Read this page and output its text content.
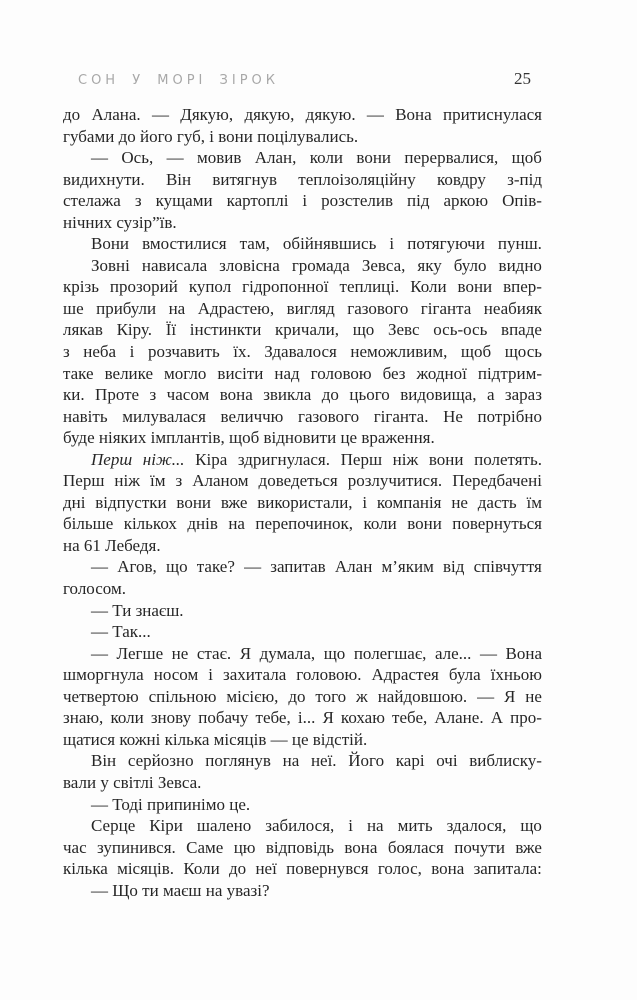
СОН У МОРІ ЗІРОК	25
до Алана. — Дякую, дякую, дякую. — Вона притиснулася
губами до його губ, і вони поцілувались.
— Ось, — мовив Алан, коли вони перервалися, щоб
видихнути. Він витягнув теплоізоляційну ковдру з-під
стелажа з кущами картоплі і розстелив під аркою Опів-
нічних сузір”їв.
Вони вмостилися там, обійнявшись і потягуючи пунш.
Зовні нависала зловісна громада Зевса, яку було видно
крізь прозорий купол гідропонної теплиці. Коли вони впер-
ше прибули на Адрастею, вигляд газового гіганта неабияк
лякав Кіру. Її інстинкти кричали, що Зевс ось-ось впаде
з неба і розчавить їх. Здавалося неможливим, щоб щось
таке велике могло висіти над головою без жодної підтрим-
ки. Проте з часом вона звикла до цього видовища, а зараз
навіть милувалася величчю газового гіганта. Не потрібно
буде ніяких імплантів, щоб відновити це враження.
Перш ніж... Кіра здригнулася. Перш ніж вони полетять.
Перш ніж їм з Аланом доведеться розлучитися. Передбачені
дні відпустки вони вже використали, і компанія не дасть їм
більше кількох днів на перепочинок, коли вони повернуться
на 61 Лебедя.
— Агов, що таке? — запитав Алан м’яким від співчуття
голосом.
— Ти знаєш.
— Так...
— Легше не стає. Я думала, що полегшає, але... — Вона
шморгнула носом і захитала головою. Адрастея була їхньою
четвертою спільною місією, до того ж найдовшою. — Я не
знаю, коли знову побачу тебе, і... Я кохаю тебе, Алане. А про-
щатися кожні кілька місяців — це відстій.
Він серйозно поглянув на неї. Його карі очі виблиску-
вали у світлі Зевса.
— Тоді припинімо це.
Серце Кіри шалено забилося, і на мить здалося, що
час зупинився. Саме цю відповідь вона боялася почути вже
кілька місяців. Коли до неї повернувся голос, вона запитала:
— Що ти маєш на увазі?
